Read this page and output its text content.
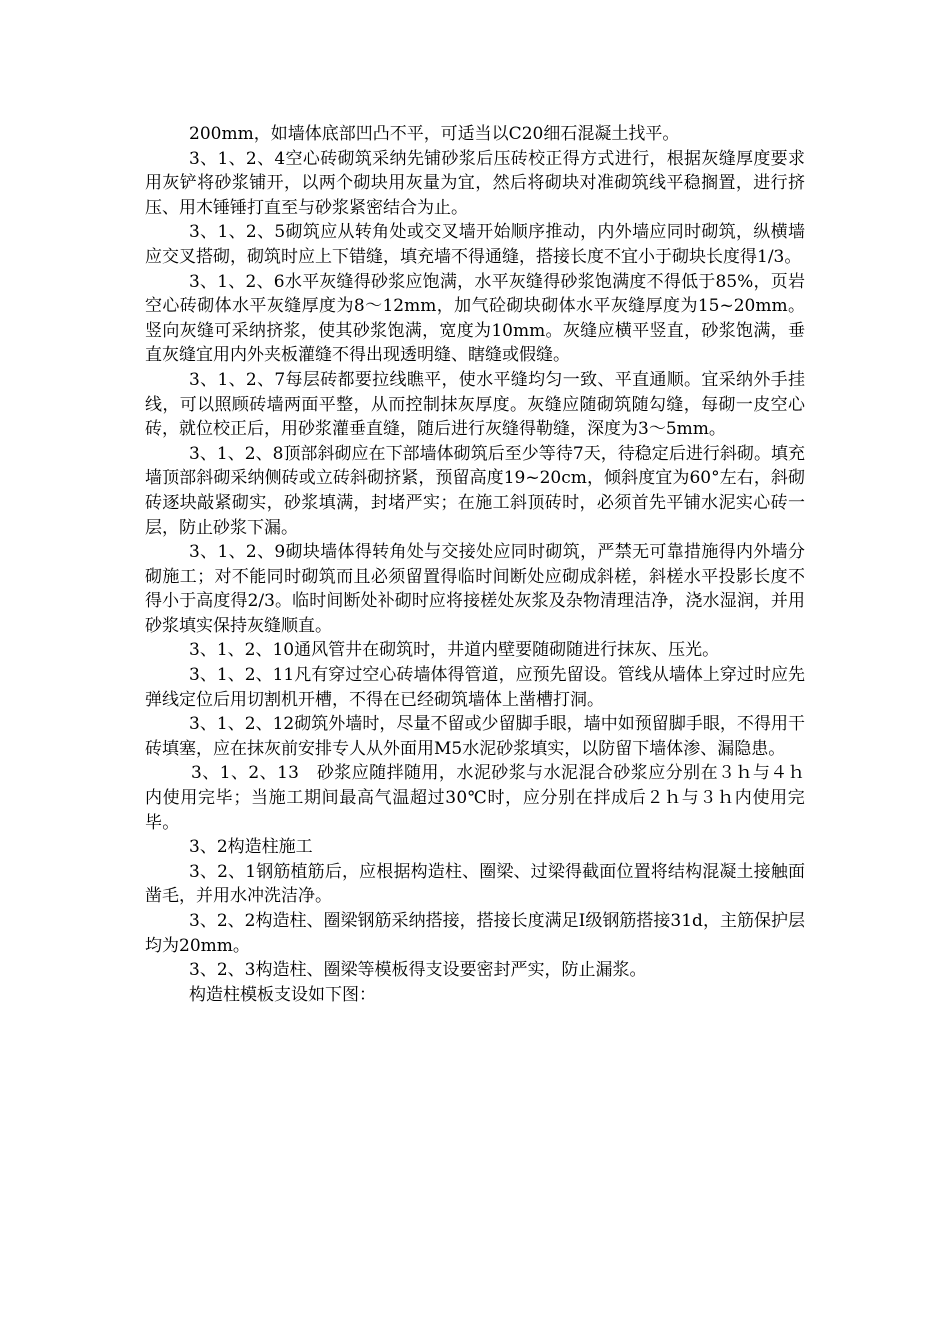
200mm，如墙体底部凹凸不平，可适当以C20细石混凝土找平。

3、1、2、4空心砖砌筑采纳先铺砂浆后压砖校正得方式进行，根据灰缝厚度要求用灰铲将砂浆铺开，以两个砌块用灰量为宜，然后将砌块对准砌筑线平稳搁置，进行挤压、用木锤锤打直至与砂浆紧密结合为止。

3、1、2、5砌筑应从转角处或交叉墙开始顺序推动，内外墙应同时砌筑，纵横墙应交叉搭砌，砌筑时应上下错缝，填充墙不得通缝，搭接长度不宜小于砌块长度得1/3。

3、1、2、6水平灰缝得砂浆应饱满，水平灰缝得砂浆饱满度不得低于85%，页岩空心砖砌体水平灰缝厚度为8～12mm，加气砼砌块砌体水平灰缝厚度为15~20mm。竖向灰缝可采纳挤浆，使其砂浆饱满，宽度为10mm。灰缝应横平竖直，砂浆饱满，垂直灰缝宜用内外夹板灌缝不得出现透明缝、瞎缝或假缝。

3、1、2、7每层砖都要拉线瞧平，使水平缝均匀一致、平直通顺。宜采纳外手挂线，可以照顾砖墙两面平整，从而控制抹灰厚度。灰缝应随砌筑随勾缝，每砌一皮空心砖，就位校正后，用砂浆灌垂直缝，随后进行灰缝得勒缝，深度为3～5mm。

3、1、2、8顶部斜砌应在下部墙体砌筑后至少等待7天，待稳定后进行斜砌。填充墙顶部斜砌采纳侧砖或立砖斜砌挤紧，预留高度19~20cm，倾斜度宜为60°左右，斜砌砖逐块敲紧砌实，砂浆填满，封堵严实；在施工斜顶砖时，必须首先平铺水泥实心砖一层，防止砂浆下漏。

3、1、2、9砌块墙体得转角处与交接处应同时砌筑，严禁无可靠措施得内外墙分砌施工；对不能同时砌筑而且必须留置得临时间断处应砌成斜槎，斜槎水平投影长度不得小于高度得2/3。临时间断处补砌时应将接槎处灰浆及杂物清理洁净，浇水湿润，并用砂浆填实保持灰缝顺直。

3、1、2、10通风管井在砌筑时，井道内壁要随砌随进行抹灰、压光。

3、1、2、11凡有穿过空心砖墙体得管道，应预先留设。管线从墙体上穿过时应先弹线定位后用切割机开槽，不得在已经砌筑墙体上凿槽打洞。

3、1、2、12砌筑外墙时，尽量不留或少留脚手眼，墙中如预留脚手眼，不得用干砖填塞，应在抹灰前安排专人从外面用M5水泥砂浆填实，以防留下墙体渗、漏隐患。

3、1、2、13　砂浆应随拌随用，水泥砂浆与水泥混合砂浆应分别在３ｈ与４ｈ内使用完毕；当施工期间最高气温超过30℃时，应分别在拌成后２ｈ与３ｈ内使用完毕。

3、2构造柱施工

3、2、1钢筋植筋后，应根据构造柱、圈梁、过梁得截面位置将结构混凝土接触面凿毛，并用水冲洗洁净。

3、2、2构造柱、圈梁钢筋采纳搭接，搭接长度满足Ⅰ级钢筋搭接31d，主筋保护层均为20mm。

3、2、3构造柱、圈梁等模板得支设要密封严实，防止漏浆。

构造柱模板支设如下图：
